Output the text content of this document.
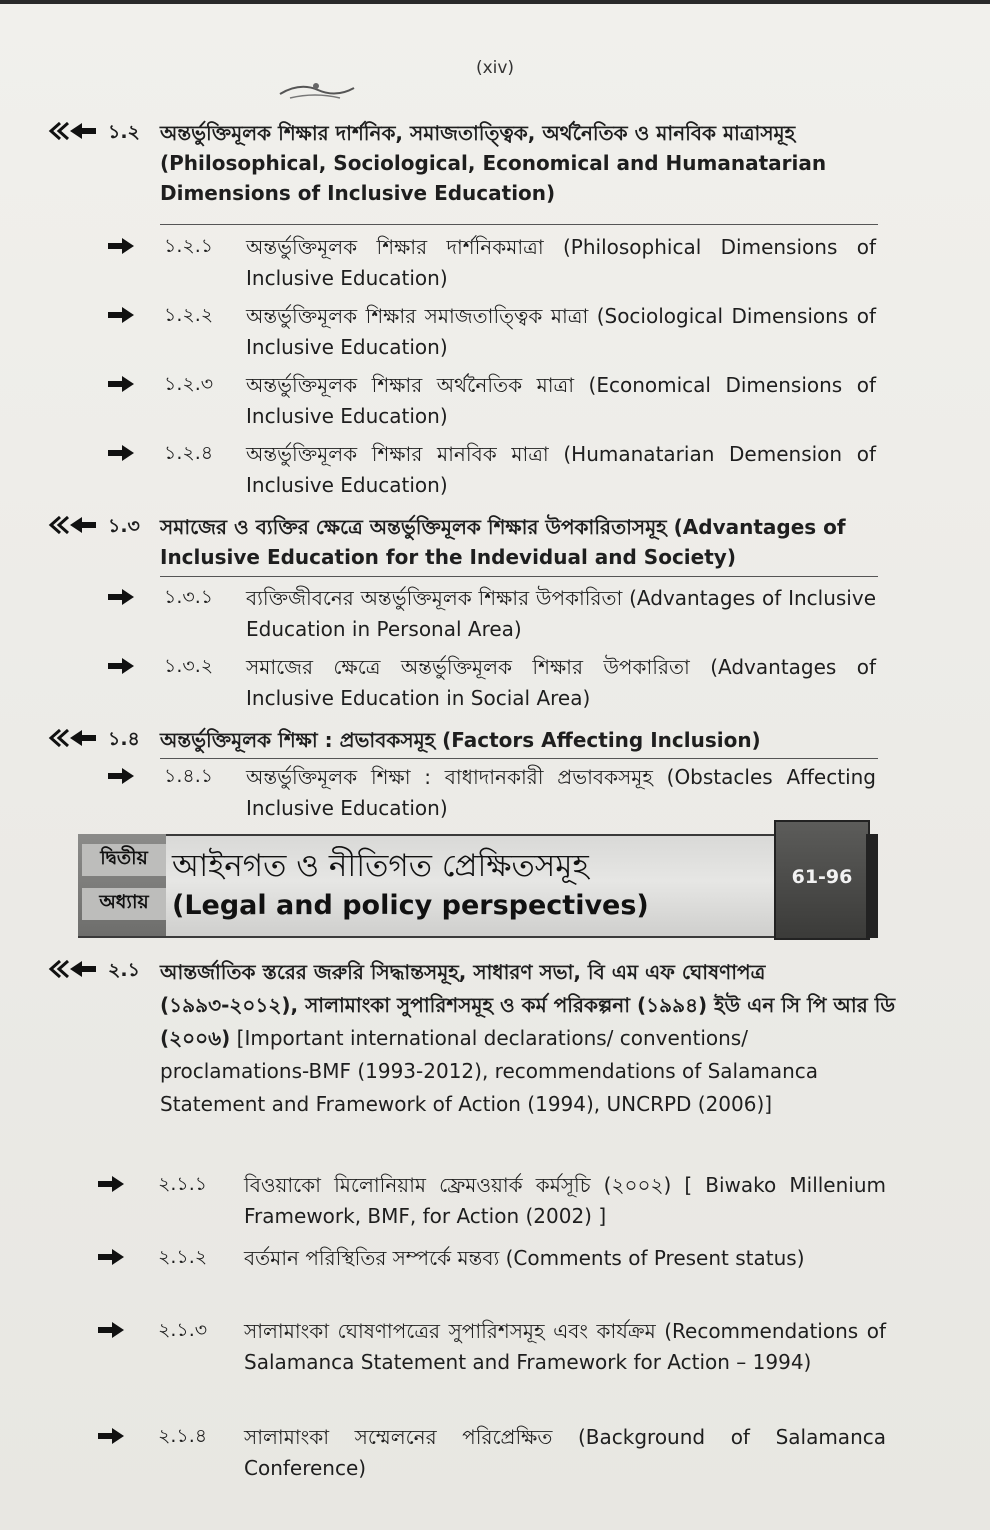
(xiv)
১.২ অন্তর্ভুক্তিমূলক শিক্ষার দার্শনিক, সমাজতাত্ত্বিক, অর্থনৈতিক ও মানবিক মাত্রাসমূহ (Philosophical, Sociological, Economical and Humanatarian Dimensions of Inclusive Education)
১.২.১ অন্তর্ভুক্তিমূলক শিক্ষার দার্শনিকমাত্রা (Philosophical Dimensions of Inclusive Education)
১.২.২ অন্তর্ভুক্তিমূলক শিক্ষার সমাজতাত্ত্বিক মাত্রা (Sociological Dimensions of Inclusive Education)
১.২.৩ অন্তর্ভুক্তিমূলক শিক্ষার অর্থনৈতিক মাত্রা (Economical Dimensions of Inclusive Education)
১.২.৪ অন্তর্ভুক্তিমূলক শিক্ষার মানবিক মাত্রা (Humanatarian Demension of Inclusive Education)
১.৩ সমাজের ও ব্যক্তির ক্ষেত্রে অন্তর্ভুক্তিমূলক শিক্ষার উপকারিতাসমূহ (Advantages of Inclusive Education for the Indevidual and Society)
১.৩.১ ব্যক্তিজীবনের অন্তর্ভুক্তিমূলক শিক্ষার উপকারিতা (Advantages of Inclusive Education in Personal Area)
১.৩.২ সমাজের ক্ষেত্রে অন্তর্ভুক্তিমূলক শিক্ষার উপকারিতা (Advantages of Inclusive Education in Social Area)
১.৪ অন্তর্ভুক্তিমূলক শিক্ষা : প্রভাবকসমূহ (Factors Affecting Inclusion)
১.৪.১ অন্তর্ভুক্তিমূলক শিক্ষা : বাধাদানকারী প্রভাবকসমূহ (Obstacles Affecting Inclusive Education)
দ্বিতীয়
অধ্যায়
আইনগত ও নীতিগত প্রেক্ষিতসমূহ
(Legal and policy perspectives)
61-96
২.১ আন্তর্জাতিক স্তরের জরুরি সিদ্ধান্তসমূহ, সাধারণ সভা, বি এম এফ ঘোষণাপত্র (১৯৯৩-২০১২), সালামাংকা সুপারিশসমূহ ও কর্ম পরিকল্পনা (১৯৯৪) ইউ এন সি পি আর ডি (২০০৬) [Important international declarations/ conventions/ proclamations-BMF (1993-2012), recommendations of Salamanca Statement and Framework of Action (1994), UNCRPD (2006)]
২.১.১ বিওয়াকো মিলোনিয়াম ফ্রেমওয়ার্ক কর্মসূচি (২০০২) [ Biwako Millenium Framework, BMF, for Action (2002) ]
২.১.২ বর্তমান পরিস্থিতির সম্পর্কে মন্তব্য (Comments of Present status)
২.১.৩ সালামাংকা ঘোষণাপত্রের সুপারিশসমূহ এবং কার্যক্রম (Recommendations of Salamanca Statement and Framework for Action – 1994)
২.১.৪ সালামাংকা সম্মেলনের পরিপ্রেক্ষিত (Background of Salamanca Conference)
